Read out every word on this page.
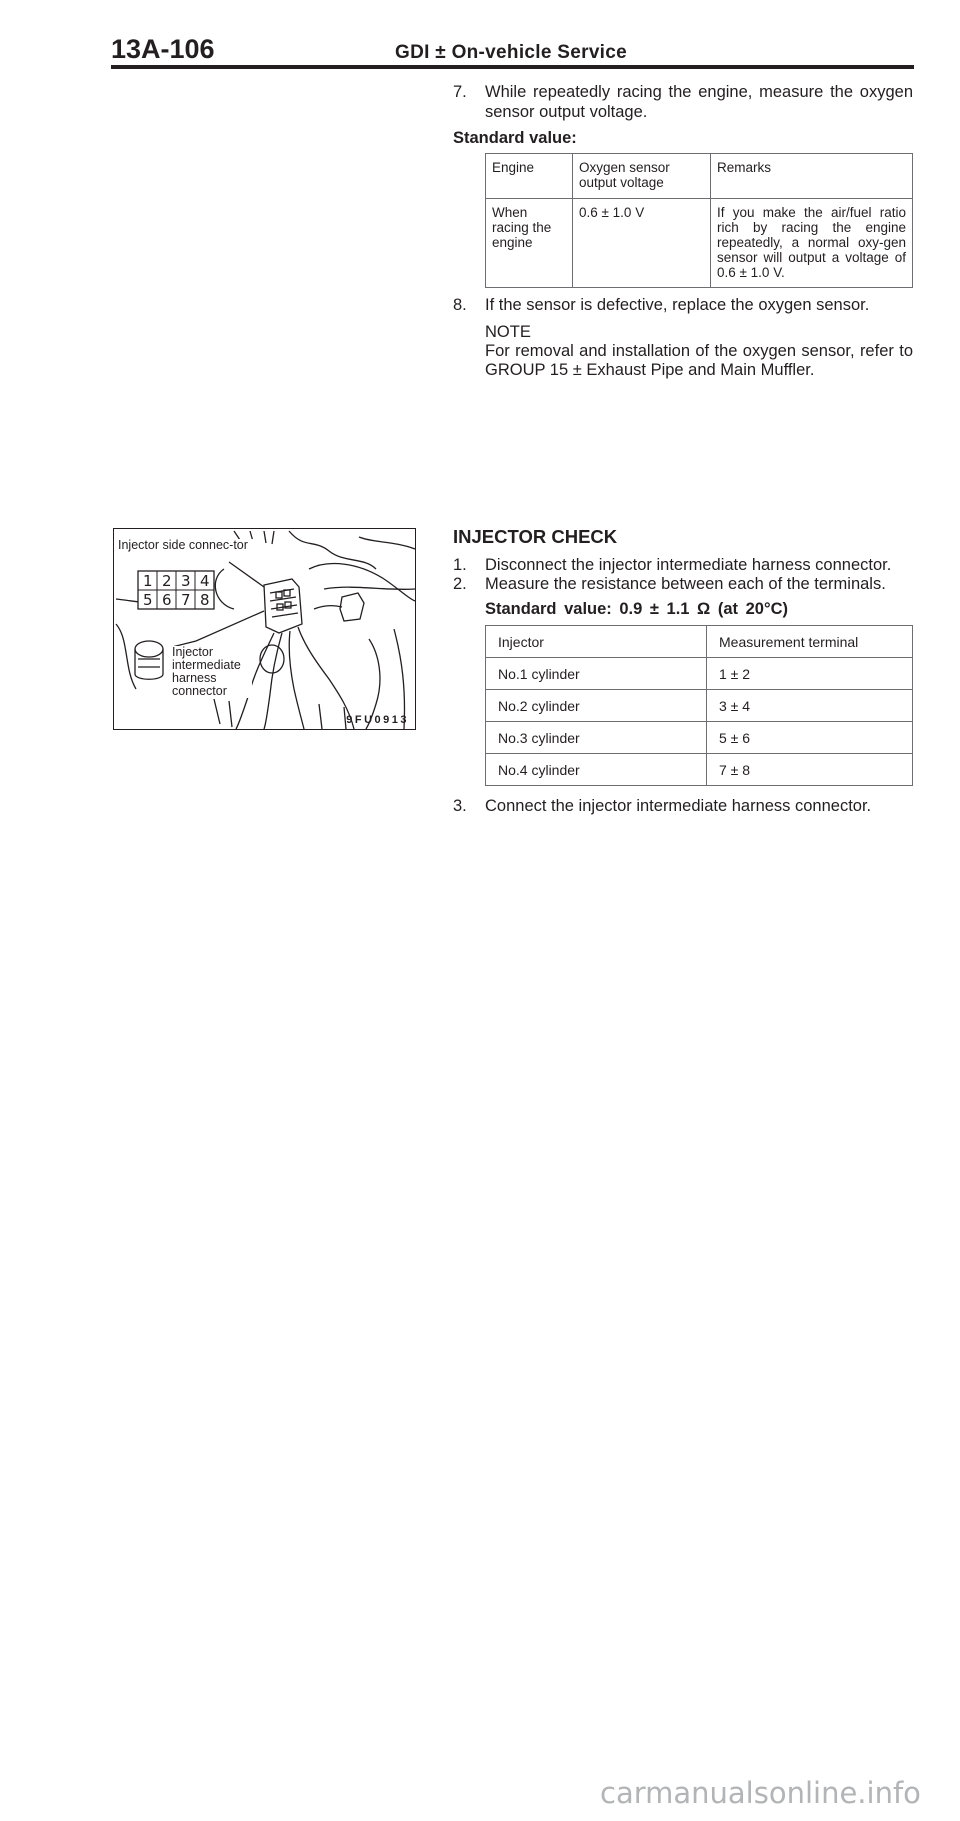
13A-106	GDI ± On-vehicle Service
7. While repeatedly racing the engine, measure the oxygen sensor output voltage.
Standard value:
Engine	Oxygen sensor output voltage	Remarks
When racing the engine	0.6 ± 1.0 V	If you make the air/fuel ratio rich by racing the engine repeatedly, a normal oxy-gen sensor will output a voltage of 0.6 ± 1.0 V.
8. If the sensor is defective, replace the oxygen sensor.
NOTE
For removal and installation of the oxygen sensor, refer to GROUP 15 ± Exhaust Pipe and Main Muffler.
Injector side connec-tor
Injector intermediate harness connector
1 2 3 4
5 6 7 8
9FU0913
INJECTOR CHECK
1. Disconnect the injector intermediate harness connector.
2. Measure the resistance between each of the terminals.
Standard value: 0.9 ± 1.1 Ω (at 20°C)
Injector	Measurement terminal
No.1 cylinder	1 ± 2
No.2 cylinder	3 ± 4
No.3 cylinder	5 ± 6
No.4 cylinder	7 ± 8
3. Connect the injector intermediate harness connector.
carmanualsonline.info
